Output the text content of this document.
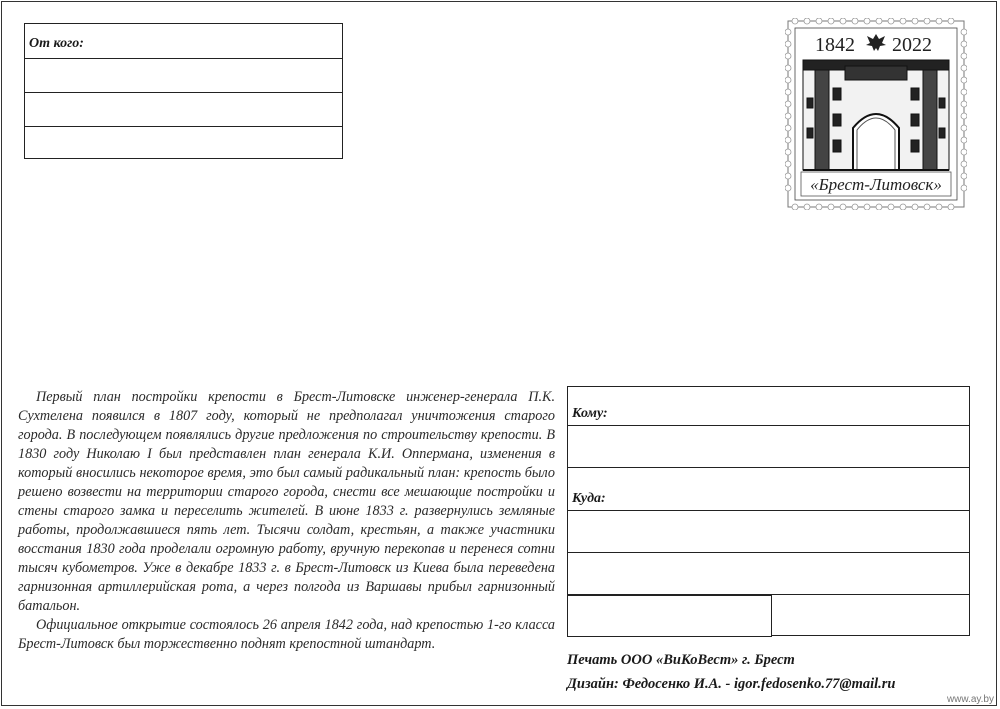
От кого:	1842 2022
«Брест-Литовск»

Первый план постройки крепости в Брест-Литовске инженер-генерала П.К. Сухтелена появился в 1807 году, который не предполагал уничтожения старого города. В последующем появлялись другие предложения по строительству крепости. В 1830 году Николаю I был представлен план генерала К.И. Оппермана, изменения в который вносились некоторое время, это был самый радикальный план: крепость было решено возвести на территории старого города, снести все мешающие постройки и стены старого замка и переселить жителей. В июне 1833 г. развернулись земляные работы, продолжавшиеся пять лет. Тысячи солдат, крестьян, а также участники восстания 1830 года проделали огромную работу, вручную перекопав и перенеся сотни тысяч кубометров. Уже в декабре 1833 г. в Брест-Литовск из Киева была переведена гарнизонная артиллерийская рота, а через полгода из Варшавы прибыл гарнизонный батальон.

Официальное открытие состоялось 26 апреля 1842 года, над крепостью 1-го класса Брест-Литовск был торжественно поднят крепостной штандарт.

Кому:
Куда:
Печать ООО «ВиКоВест» г. Брест
Дизайн: Федосенко И.А. - igor.fedosenko.77@mail.ru
www.ay.by
